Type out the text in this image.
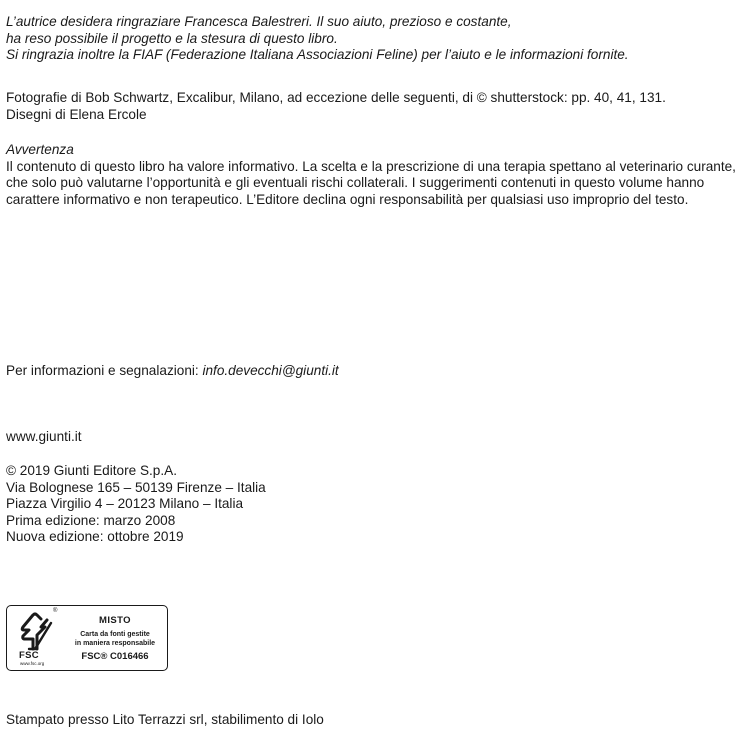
L’autrice desidera ringraziare Francesca Balestreri. Il suo aiuto, prezioso e costante,
ha reso possibile il progetto e la stesura di questo libro.
Si ringrazia inoltre la FIAF (Federazione Italiana Associazioni Feline) per l’aiuto e le informazioni fornite.
Fotografie di Bob Schwartz, Excalibur, Milano, ad eccezione delle seguenti, di © shutterstock: pp. 40, 41, 131.
Disegni di Elena Ercole
Avvertenza
Il contenuto di questo libro ha valore informativo. La scelta e la prescrizione di una terapia spettano al veterinario curante, che solo può valutarne l’opportunità e gli eventuali rischi collaterali. I suggerimenti contenuti in questo volume hanno carattere informativo e non terapeutico. L’Editore declina ogni responsabilità per qualsiasi uso improprio del testo.
Per informazioni e segnalazioni: info.devecchi@giunti.it
www.giunti.it
© 2019 Giunti Editore S.p.A.
Via Bolognese 165 – 50139 Firenze – Italia
Piazza Virgilio 4 – 20123 Milano – Italia
Prima edizione: marzo 2008
Nuova edizione: ottobre 2019
®
FSC
www.fsc.org
MISTO
Carta da fonti gestite
in maniera responsabile
FSC® C016466
Stampato presso Lito Terrazzi srl, stabilimento di Iolo
